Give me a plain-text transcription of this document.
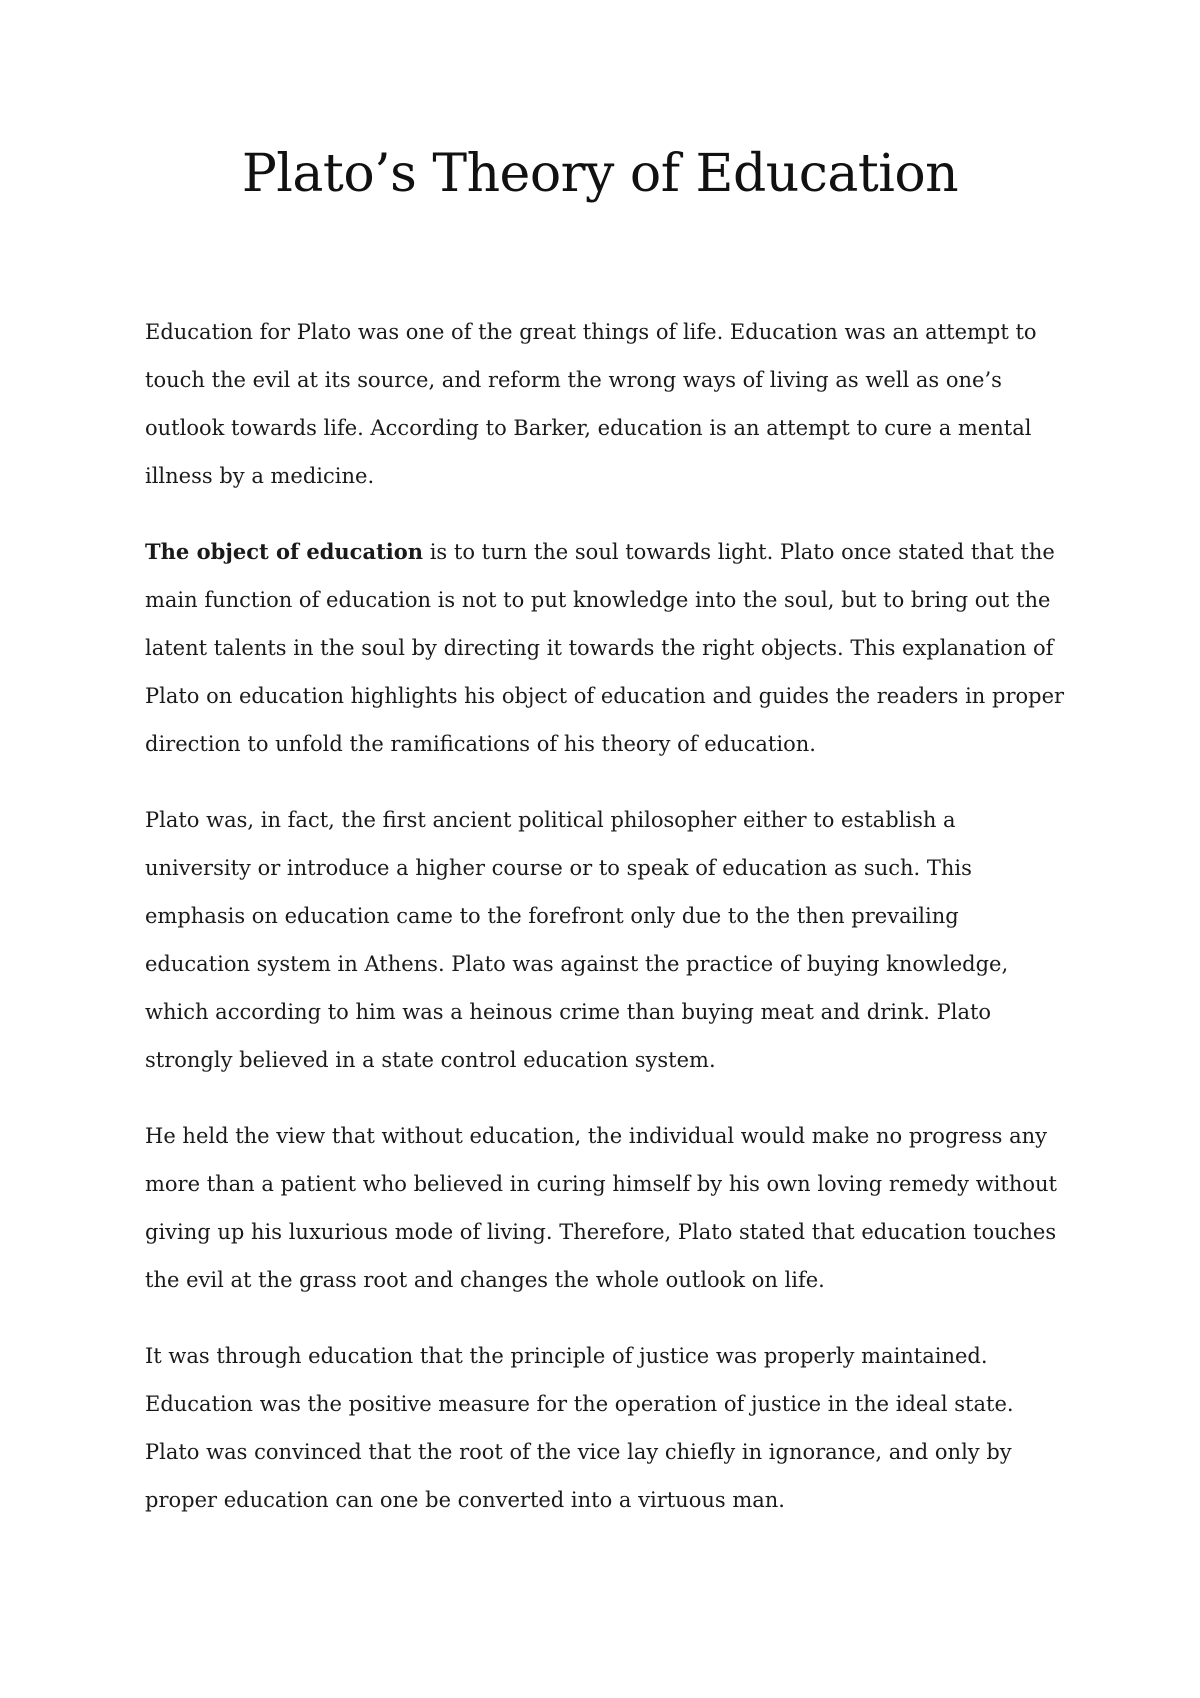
Plato’s Theory of Education

Education for Plato was one of the great things of life. Education was an attempt to touch the evil at its source, and reform the wrong ways of living as well as one’s outlook towards life. According to Barker, education is an attempt to cure a mental illness by a medicine.

The object of education is to turn the soul towards light. Plato once stated that the main function of education is not to put knowledge into the soul, but to bring out the latent talents in the soul by directing it towards the right objects. This explanation of Plato on education highlights his object of education and guides the readers in proper direction to unfold the ramifications of his theory of education.

Plato was, in fact, the first ancient political philosopher either to establish a university or introduce a higher course or to speak of education as such. This emphasis on education came to the forefront only due to the then prevailing education system in Athens. Plato was against the practice of buying knowledge, which according to him was a heinous crime than buying meat and drink. Plato strongly believed in a state control education system.

He held the view that without education, the individual would make no progress any more than a patient who believed in curing himself by his own loving remedy without giving up his luxurious mode of living. Therefore, Plato stated that education touches the evil at the grass root and changes the whole outlook on life.

It was through education that the principle of justice was properly maintained. Education was the positive measure for the operation of justice in the ideal state. Plato was convinced that the root of the vice lay chiefly in ignorance, and only by proper education can one be converted into a virtuous man.
